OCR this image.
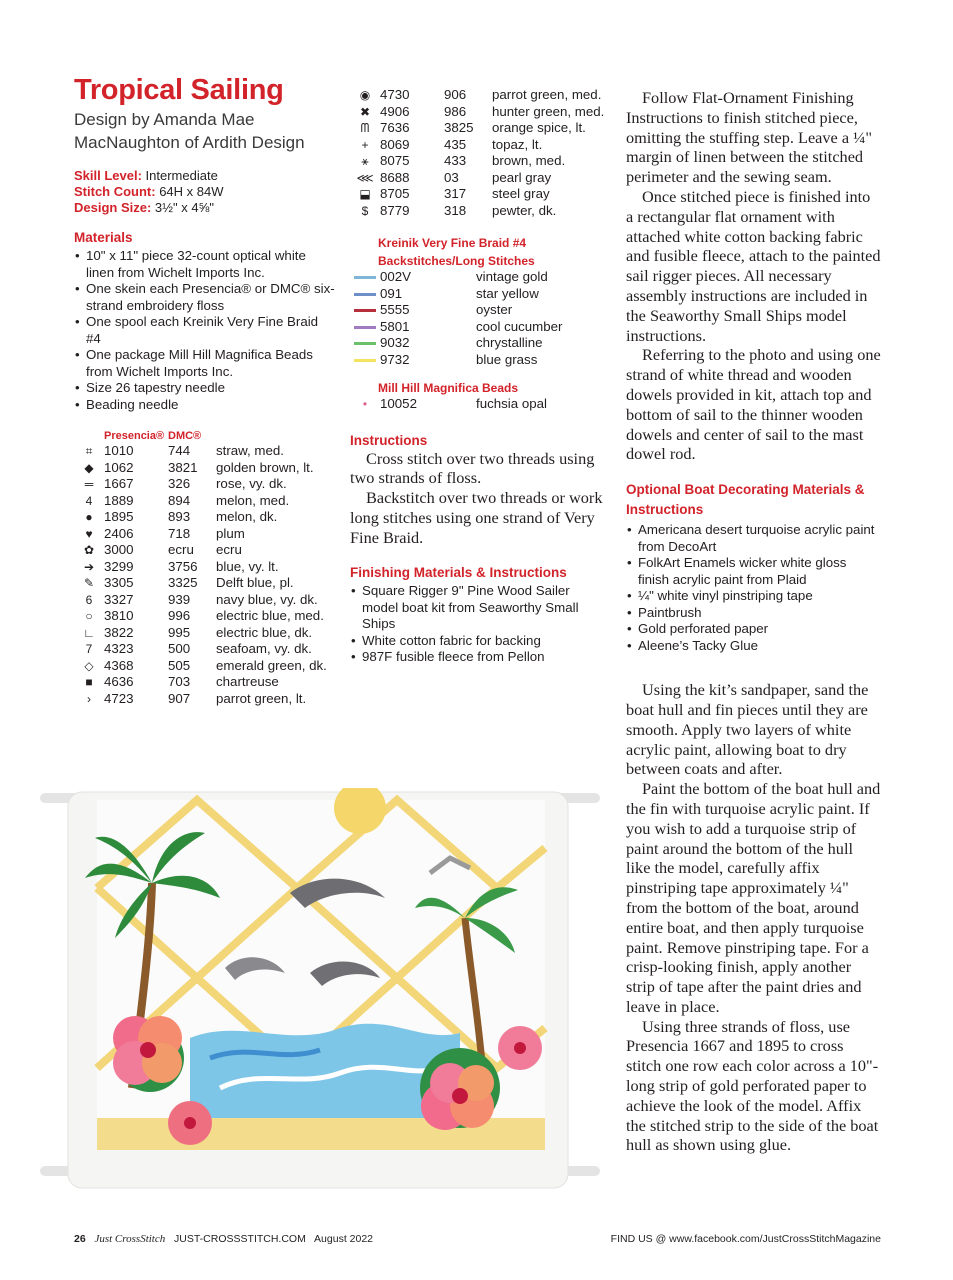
Tropical Sailing
Design by Amanda Mae MacNaughton of Ardith Design
Skill Level: Intermediate
Stitch Count: 64H x 84W
Design Size: 3½" x 4⅝"
Materials
• 10" x 11" piece 32-count optical white linen from Wichelt Imports Inc.
• One skein each Presencia® or DMC® six-strand embroidery floss
• One spool each Kreinik Very Fine Braid #4
• One package Mill Hill Magnifica Beads from Wichelt Imports Inc.
• Size 26 tapestry needle
• Beading needle
	Presencia®	DMC®	
⌗	1010	744	straw, med.
◆	1062	3821	golden brown, lt.
═	1667	326	rose, vy. dk.
4	1889	894	melon, med.
●	1895	893	melon, dk.
♥	2406	718	plum
✿	3000	ecru	ecru
➔	3299	3756	blue, vy. lt.
✎	3305	3325	Delft blue, pl.
6	3327	939	navy blue, vy. dk.
○	3810	996	electric blue, med.
∟	3822	995	electric blue, dk.
7	4323	500	seafoam, vy. dk.
◇	4368	505	emerald green, dk.
■	4636	703	chartreuse
›	4723	907	parrot green, lt.
◉	4730	906	parrot green, med.
✖	4906	986	hunter green, med.
ᗰ	7636	3825	orange spice, lt.
+	8069	435	topaz, lt.
⚹	8075	433	brown, med.
⋘	8688	03	pearl gray
⬓	8705	317	steel gray
$	8779	318	pewter, dk.
Kreinik Very Fine Braid #4
Backstitches/Long Stitches
	002V	vintage gold
	091	star yellow
	5555	oyster
	5801	cool cucumber
	9032	chrystalline
	9732	blue grass
Mill Hill Magnifica Beads
•	10052	fuchsia opal
Instructions

Cross stitch over two threads using two strands of floss.

Backstitch over two threads or work long stitches using one strand of Very Fine Braid.

Finishing Materials & Instructions
• Square Rigger 9" Pine Wood Sailer model boat kit from Seaworthy Small Ships
• White cotton fabric for backing
• 987F fusible fleece from Pellon

Follow Flat-Ornament Finishing Instructions to finish stitched piece, omitting the stuffing step. Leave a ¼" margin of linen between the stitched perimeter and the sewing seam.

Once stitched piece is finished into a rectangular flat ornament with attached white cotton backing fabric and fusible fleece, attach to the painted sail rigger pieces. All necessary assembly instructions are included in the Seaworthy Small Ships model instructions.

Referring to the photo and using one strand of white thread and wooden dowels provided in kit, attach top and bottom of sail to the thinner wooden dowels and center of sail to the mast dowel rod.

Optional Boat Decorating Materials & Instructions
• Americana desert turquoise acrylic paint from DecoArt
• FolkArt Enamels wicker white gloss finish acrylic paint from Plaid
• ¼" white vinyl pinstriping tape
• Paintbrush
• Gold perforated paper
• Aleene’s Tacky Glue

Using the kit’s sandpaper, sand the boat hull and fin pieces until they are smooth. Apply two layers of white acrylic paint, allowing boat to dry between coats and after.

Paint the bottom of the boat hull and the fin with turquoise acrylic paint. If you wish to add a turquoise strip of paint around the bottom of the hull like the model, carefully affix pinstriping tape approximately ¼" from the bottom of the boat, around entire boat, and then apply turquoise paint. Remove pinstriping tape. For a crisp-looking finish, apply another strip of tape after the paint dries and leave in place.

Using three strands of floss, use Presencia 1667 and 1895 to cross stitch one row each color across a 10"-long strip of gold perforated paper to achieve the look of the model. Affix the stitched strip to the side of the boat hull as shown using glue.

26 Just CrossStitch JUST-CROSSSTITCH.COM August 2022	FIND US @ www.facebook.com/JustCrossStitchMagazine
